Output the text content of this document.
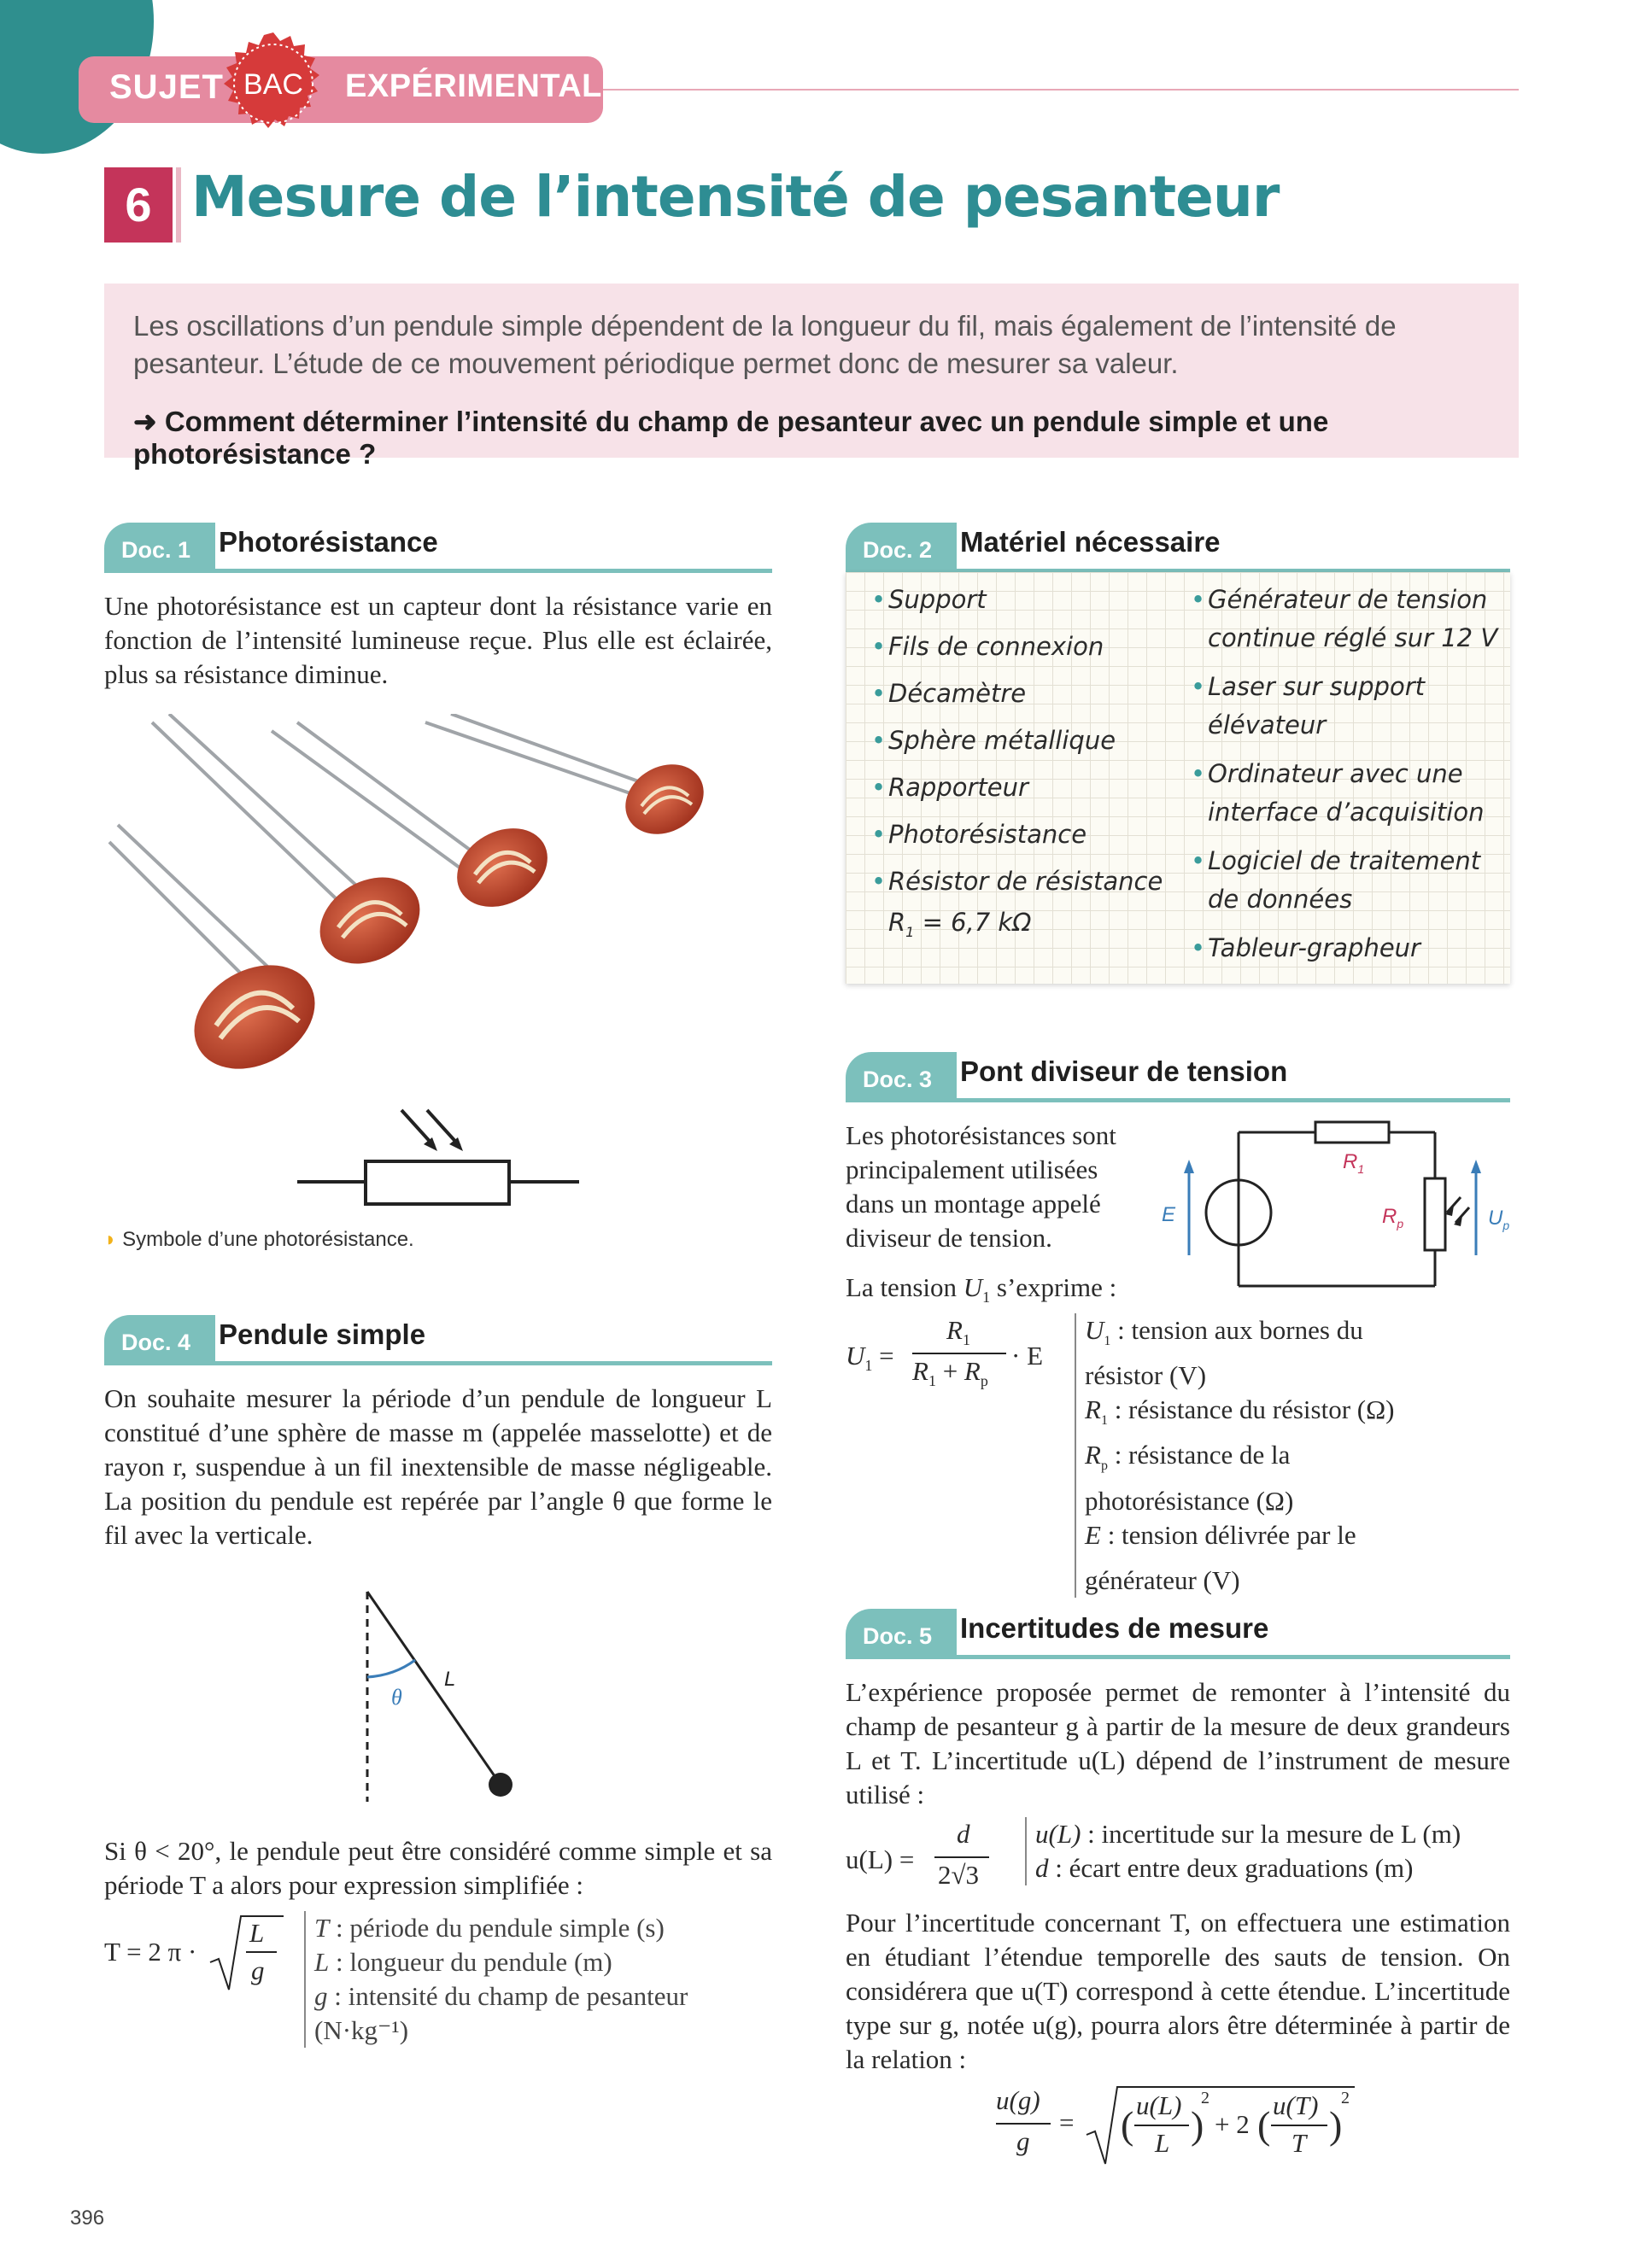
SUJET BAC EXPÉRIMENTAL
6 Mesure de l’intensité de pesanteur
Les oscillations d’un pendule simple dépendent de la longueur du fil, mais également de l’intensité de pesanteur. L’étude de ce mouvement périodique permet donc de mesurer sa valeur.
➜ Comment déterminer l’intensité du champ de pesanteur avec un pendule simple et une photorésistance ?
Doc. 1 Photorésistance
Une photorésistance est un capteur dont la résistance varie en fonction de l’intensité lumineuse reçue. Plus elle est éclairée, plus sa résistance diminue.
◗ Symbole d’une photorésistance.
Doc. 2 Matériel nécessaire
• Support
• Fils de connexion
• Décamètre
• Sphère métallique
• Rapporteur
• Photorésistance
• Résistor de résistance
$R_1 = 6,7$ kΩ
• Générateur de tension continue réglé sur 12 V
• Laser sur support élévateur
• Ordinateur avec une interface d’acquisition
• Logiciel de traitement de données
• Tableur-grapheur
Doc. 3 Pont diviseur de tension
Les photorésistances sont principalement utilisées dans un montage appelé diviseur de tension.
E
$R_1$
$R_p$	$U_p$
La tension $U_1$ s’exprime :
$U_1$ =
$R_1$
$R_1 + R_p$
· E
$U_1$ : tension aux bornes du résistor (V)
$R_1$ : résistance du résistor (Ω)
$R_p$ : résistance de la photorésistance (Ω)
E : tension délivrée par le générateur (V)
Doc. 4 Pendule simple
On souhaite mesurer la période d’un pendule de longueur L constitué d’une sphère de masse m (appelée masselotte) et de rayon r, suspendue à un fil inextensible de masse négligeable. La position du pendule est repérée par l’angle θ que forme le fil avec la verticale.
θ
L
Si θ < 20°, le pendule peut être considéré comme simple et sa période T a alors pour expression simplifiée :
T = 2 π ·
L
g
T : période du pendule simple (s)
L : longueur du pendule (m)
g : intensité du champ de pesanteur (N·kg⁻¹)
Doc. 5 Incertitudes de mesure
L’expérience proposée permet de remonter à l’intensité du champ de pesanteur g à partir de la mesure de deux grandeurs L et T. L’incertitude u(L) dépend de l’instrument de mesure utilisé :
u(L) =
d
2√3
u(L) : incertitude sur la mesure de L (m)
d : écart entre deux graduations (m)
Pour l’incertitude concernant T, on effectuera une estimation en étudiant l’étendue temporelle des sauts de tension. On considérera que u(T) correspond à cette étendue. L’incertitude type sur g, notée u(g), pourra alors être déterminée à partir de la relation :
u(g)
g
= ( u(L)
L )
2
+ 2 ( u(T)
T )
2
396
